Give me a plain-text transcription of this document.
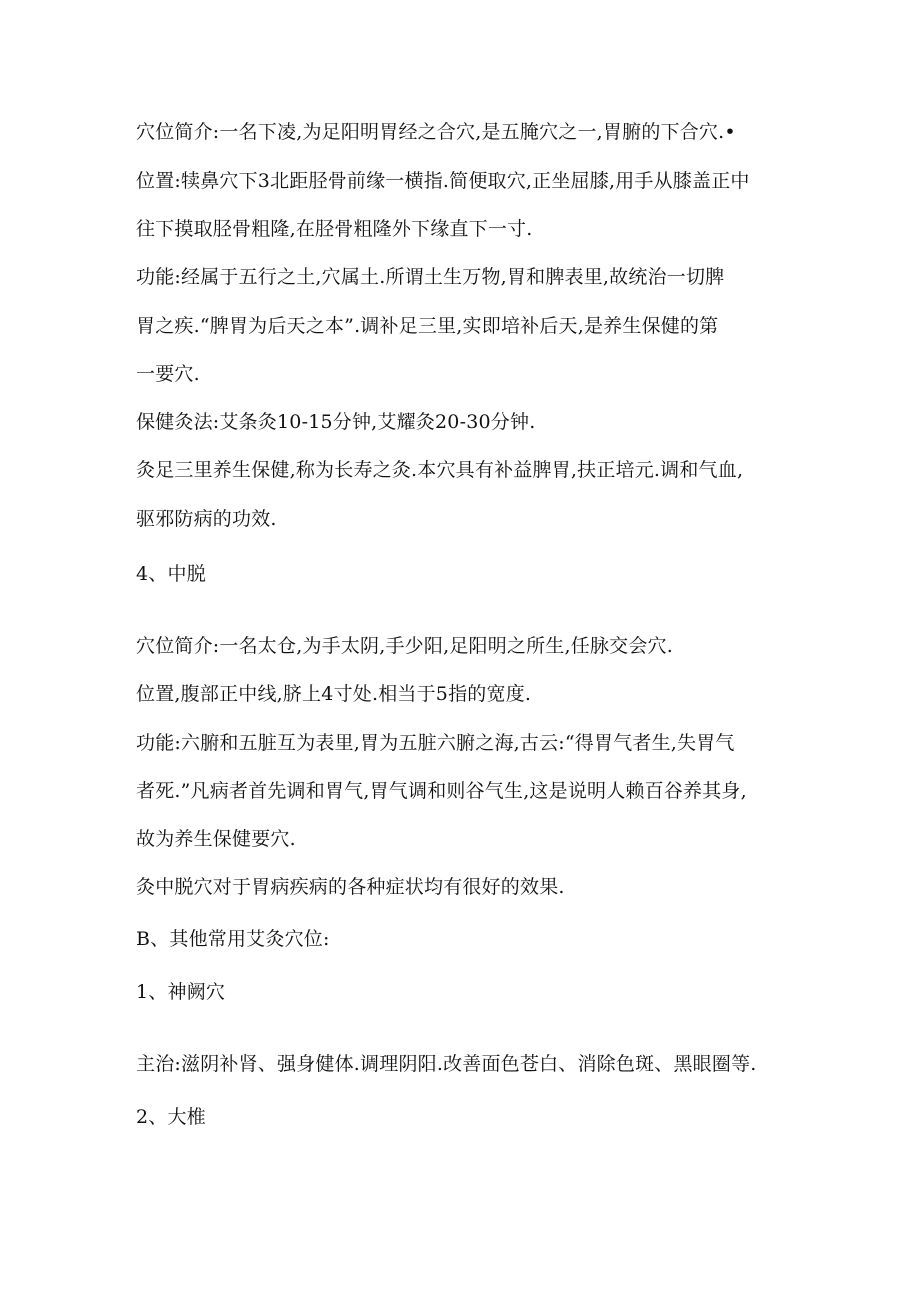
穴位简介:一名下凌,为足阳明胃经之合穴,是五腌穴之一,胃腑的下合穴.•
位置:犊鼻穴下3北距胫骨前缘一横指.简便取穴,正坐屈膝,用手从膝盖正中
往下摸取胫骨粗隆,在胫骨粗隆外下缘直下一寸.
功能:经属于五行之土,穴属土.所谓土生万物,胃和脾表里,故统治一切脾
胃之疾.“脾胃为后天之本”.调补足三里,实即培补后天,是养生保健的第
一要穴.
保健灸法:艾条灸10-15分钟,艾耀灸20-30分钟.
灸足三里养生保健,称为长寿之灸.本穴具有补益脾胃,扶正培元.调和气血,
驱邪防病的功效.
4、中脱
穴位简介:一名太仓,为手太阴,手少阳,足阳明之所生,任脉交会穴.
位置,腹部正中线,脐上4寸处.相当于5指的宽度.
功能:六腑和五脏互为表里,胃为五脏六腑之海,古云:“得胃气者生,失胃气
者死.”凡病者首先调和胃气,胃气调和则谷气生,这是说明人赖百谷养其身,
故为养生保健要穴.
灸中脱穴对于胃病疾病的各种症状均有很好的效果.
B、其他常用艾灸穴位:
1、神阙穴
主治:滋阴补肾、强身健体.调理阴阳.改善面色苍白、消除色斑、黑眼圈等.
2、大椎
